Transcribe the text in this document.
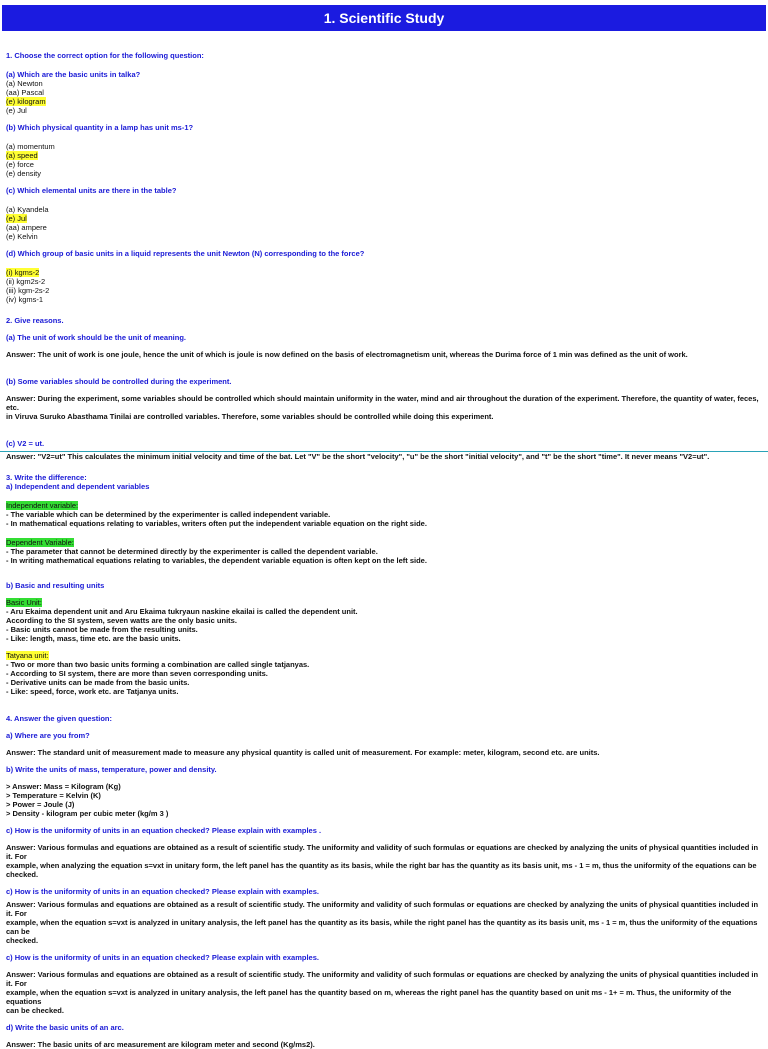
1. Scientific Study

1. Choose the correct option for the following question:

(a) Which are the basic units in talka?

(a) Newton
(aa) Pascal
(e) kilogram
(e) Jul

(b) Which physical quantity in a lamp has unit ms-1?

(a) momentum
(a) speed
(e) force
(e) density

(c) Which elemental units are there in the table?

(a) Kyandela
(e) Jul
(aa) ampere
(e) Kelvin

(d) Which group of basic units in a liquid represents the unit Newton (N) corresponding to the force?

(i) kgms-2
(ii) kgm2s-2
(iii) kgm-2s-2
(iv) kgms-1

2. Give reasons.

(a) The unit of work should be the unit of meaning.

Answer: The unit of work is one joule, hence the unit of which is joule is now defined on the basis of electromagnetism unit, whereas the Durima force of 1 min was defined as the unit of work.

(b) Some variables should be controlled during the experiment.

Answer: During the experiment, some variables should be controlled which should maintain uniformity in the water, mind and air throughout the duration of the experiment. Therefore, the quantity of water, feces, etc.

in Viruva Suruko Abasthama Tinilai are controlled variables. Therefore, some variables should be controlled while doing this experiment.

(c) V2 = ut.

Answer: "V2=ut" This calculates the minimum initial velocity and time of the bat. Let "V" be the short "velocity", "u" be the short "initial velocity", and "t" be the short "time". It never means "V2=ut".

3. Write the difference:

a) Independent and dependent variables

Independent variable:
- The variable which can be determined by the experimenter is called independent variable.
- In mathematical equations relating to variables, writers often put the independent variable equation on the right side.
Dependent Variable:
- The parameter that cannot be determined directly by the experimenter is called the dependent variable.
- In writing mathematical equations relating to variables, the dependent variable equation is often kept on the left side.

b) Basic and resulting units

Basic Unit:
- Aru Ekaima dependent unit and Aru Ekaima tukryaun naskine ekailai is called the dependent unit.
According to the SI system, seven watts are the only basic units.
- Basic units cannot be made from the resulting units.
- Like: length, mass, time etc. are the basic units.
Tatyana unit:
- Two or more than two basic units forming a combination are called single tatjanyas.
- According to SI system, there are more than seven corresponding units.
- Derivative units can be made from the basic units.
- Like: speed, force, work etc. are Tatjanya units.

4. Answer the given question:

a) Where are you from?

Answer: The standard unit of measurement made to measure any physical quantity is called unit of measurement. For example: meter, kilogram, second etc. are units.

b) Write the units of mass, temperature, power and density.

> Answer: Mass = Kilogram (Kg)
> Temperature = Kelvin (K)
> Power = Joule (J)
> Density - kilogram per cubic meter (kg/m 3 )

c) How is the uniformity of units in an equation checked? Please explain with examples .

Answer: Various formulas and equations are obtained as a result of scientific study. The uniformity and validity of such formulas or equations are checked by analyzing the units of physical quantities included in it. For
example, when analyzing the equation s=vxt in unitary form, the left panel has the quantity as its basis, while the right bar has the quantity as its basis unit, ms - 1 = m, thus the uniformity of the equations can be
checked.

c) How is the uniformity of units in an equation checked? Please explain with examples.

Answer: Various formulas and equations are obtained as a result of scientific study. The uniformity and validity of such formulas or equations are checked by analyzing the units of physical quantities included in it. For
example, when the equation s=vxt is analyzed in unitary analysis, the left panel has the quantity as its basis, while the right panel has the quantity as its basis unit, ms - 1 = m, thus the uniformity of the equations can be
checked.

c) How is the uniformity of units in an equation checked? Please explain with examples.

Answer: Various formulas and equations are obtained as a result of scientific study. The uniformity and validity of such formulas or equations are checked by analyzing the units of physical quantities included in it. For
example, when the equation s=vxt is analyzed in unitary analysis, the left panel has the quantity based on m, whereas the right panel has the quantity based on unit ms - 1+ = m. Thus, the uniformity of the equations
can be checked.

d) Write the basic units of an arc.

Answer: The basic units of arc measurement are kilogram meter and second (Kg/ms2).
